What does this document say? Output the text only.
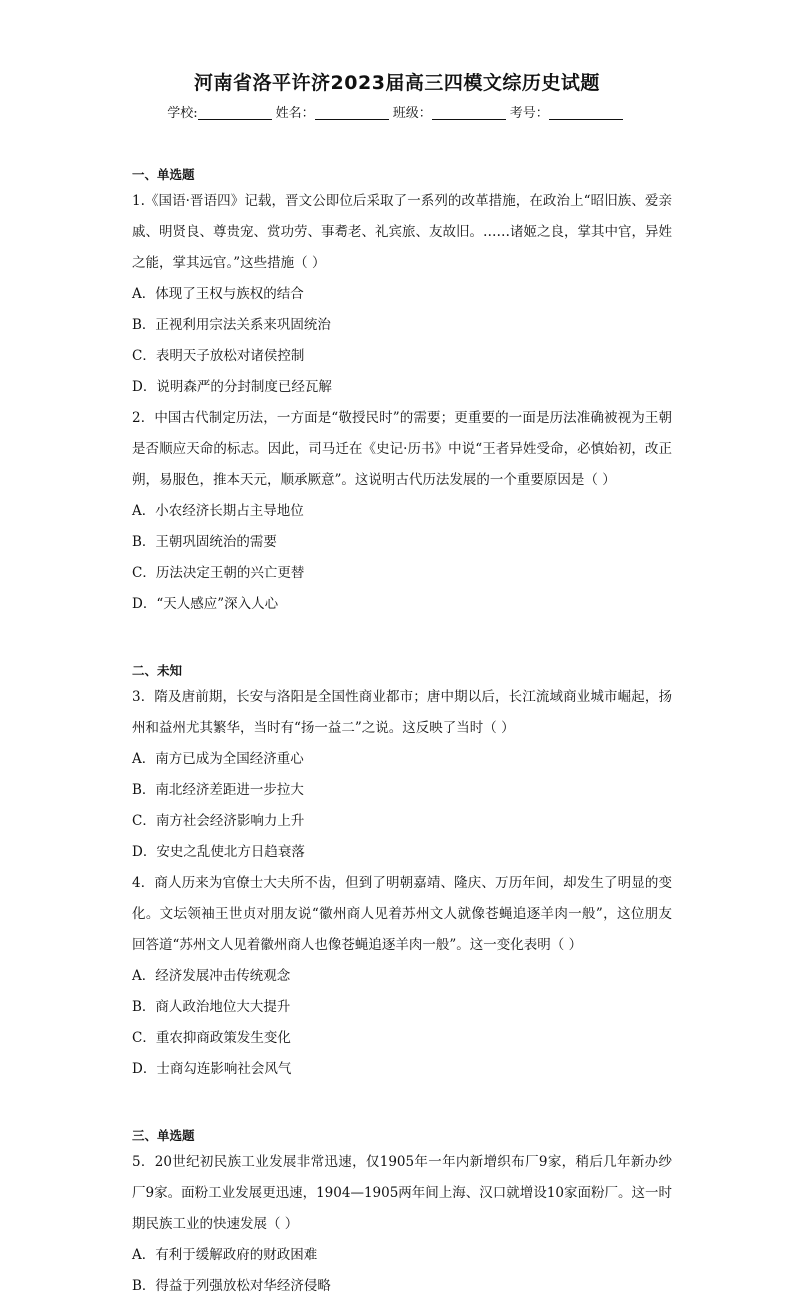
河南省洛平许济2023届高三四模文综历史试题
学校:	姓名：	班级：	考号：
一、单选题
1.《国语·晋语四》记载，晋文公即位后采取了一系列的改革措施，在政治上“昭旧族、爱亲戚、明贤良、尊贵宠、赏功劳、事耈老、礼宾旅、友故旧。……诸姬之良，掌其中官，异姓之能，掌其远官。”这些措施（ ）
A．体现了王权与族权的结合
B．正视利用宗法关系来巩固统治
C．表明天子放松对诸侯控制
D．说明森严的分封制度已经瓦解
2．中国古代制定历法，一方面是“敬授民时”的需要；更重要的一面是历法准确被视为王朝是否顺应天命的标志。因此，司马迁在《史记·历书》中说“王者异姓受命，必慎始初，改正朔，易服色，推本天元，顺承厥意”。这说明古代历法发展的一个重要原因是（ ）
A．小农经济长期占主导地位
B．王朝巩固统治的需要
C．历法决定王朝的兴亡更替
D．“天人感应”深入人心
二、未知
3．隋及唐前期，长安与洛阳是全国性商业都市；唐中期以后，长江流域商业城市崛起，扬州和益州尤其繁华，当时有“扬一益二”之说。这反映了当时（ ）
A．南方已成为全国经济重心
B．南北经济差距进一步拉大
C．南方社会经济影响力上升
D．安史之乱使北方日趋衰落
4．商人历来为官僚士大夫所不齿，但到了明朝嘉靖、隆庆、万历年间，却发生了明显的变化。文坛领袖王世贞对朋友说“徽州商人见着苏州文人就像苍蝇追逐羊肉一般”，这位朋友回答道“苏州文人见着徽州商人也像苍蝇追逐羊肉一般”。这一变化表明（ ）
A．经济发展冲击传统观念
B．商人政治地位大大提升
C．重农抑商政策发生变化
D．士商勾连影响社会风气
三、单选题
5．20世纪初民族工业发展非常迅速，仅1905年一年内新增织布厂9家，稍后几年新办纱厂9家。面粉工业发展更迅速，1904—1905两年间上海、汉口就增设10家面粉厂。这一时期民族工业的快速发展（ ）
A．有利于缓解政府的财政困难
B．得益于列强放松对华经济侵略
